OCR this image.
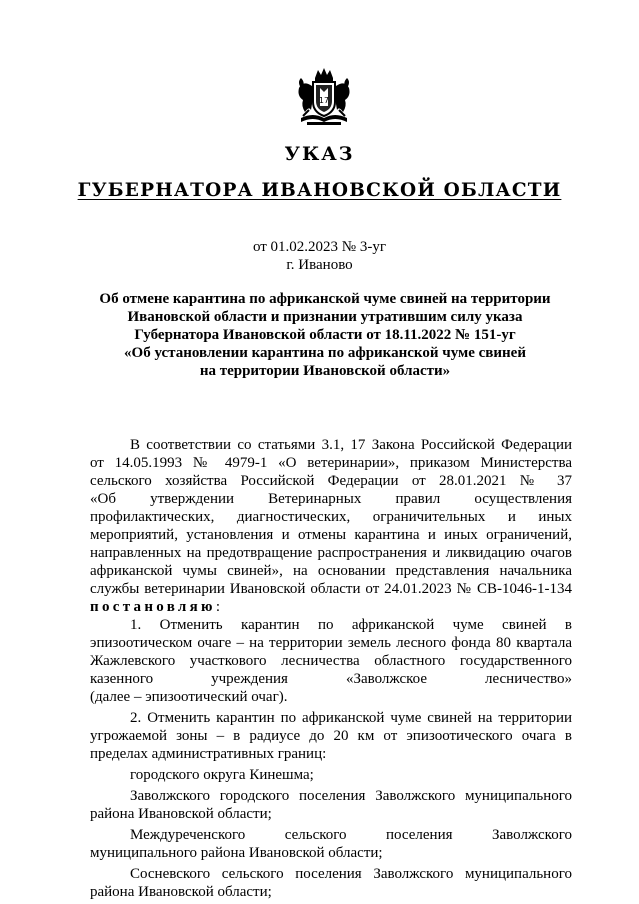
17
УКАЗ
ГУБЕРНАТОРА ИВАНОВСКОЙ ОБЛАСТИ
от 01.02.2023 № 3-уг
г. Иваново
Об отмене карантина по африканской чуме свиней на территории
Ивановской области и признании утратившим силу указа
Губернатора Ивановской области от 18.11.2022 № 151-уг
«Об установлении карантина по африканской чуме свиней
на территории Ивановской области»
В соответствии со статьями 3.1, 17 Закона Российской Федерации
от 14.05.1993 № 4979-1 «О ветеринарии», приказом Министерства
сельского хозяйства Российской Федерации от 28.01.2021 № 37
«Об утверждении Ветеринарных правил осуществления
профилактических, диагностических, ограничительных и иных
мероприятий, установления и отмены карантина и иных ограничений,
направленных на предотвращение распространения и ликвидацию очагов
африканской чумы свиней», на основании представления начальника
службы ветеринарии Ивановской области от 24.01.2023 № СВ-1046-1-134
постановляю:
1. Отменить карантин по африканской чуме свиней в
эпизоотическом очаге – на территории земель лесного фонда 80 квартала
Жажлевского участкового лесничества областного государственного
казенного учреждения «Заволжское лесничество»
(далее – эпизоотический очаг).
2. Отменить карантин по африканской чуме свиней на территории
угрожаемой зоны – в радиусе до 20 км от эпизоотического очага в
пределах административных границ:
городского округа Кинешма;
Заволжского городского поселения Заволжского муниципального
района Ивановской области;
Междуреченского сельского поселения Заволжского
муниципального района Ивановской области;
Сосневского сельского поселения Заволжского муниципального
района Ивановской области;
